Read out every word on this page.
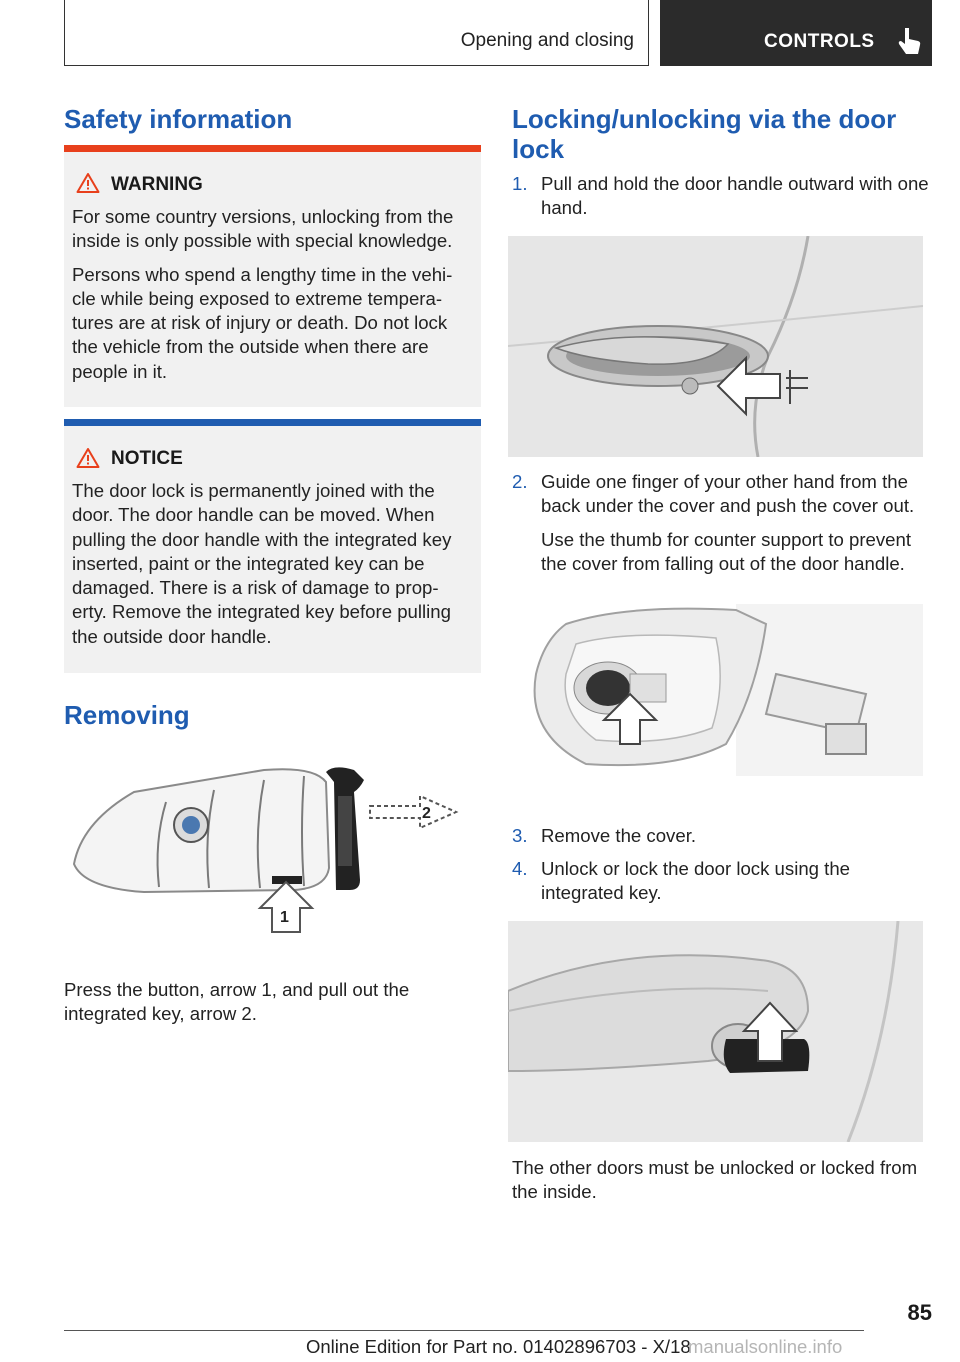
Opening and closing	CONTROLS
Safety information
WARNING

For some country versions, unlocking from the inside is only possible with special knowledge.

Persons who spend a lengthy time in the vehi-cle while being exposed to extreme tempera-tures are at risk of injury or death. Do not lock the vehicle from the outside when there are people in it.

NOTICE
The door lock is permanently joined with the door. The door handle can be moved. When pulling the door handle with the integrated key inserted, paint or the integrated key can be damaged. There is a risk of damage to prop-erty. Remove the integrated key before pulling the outside door handle.
Removing
2
1
Press the button, arrow 1, and pull out the integrated key, arrow 2.
Locking/unlocking via the door lock
1. Pull and hold the door handle outward with one hand.
2. Guide one finger of your other hand from the back under the cover and push the cover out.
Use the thumb for counter support to prevent the cover from falling out of the door handle.
3. Remove the cover.
4. Unlock or lock the door lock using the integrated key.
The other doors must be unlocked or locked from the inside.
85
Online Edition for Part no. 01402896703 - X/18
manualsonline.info
